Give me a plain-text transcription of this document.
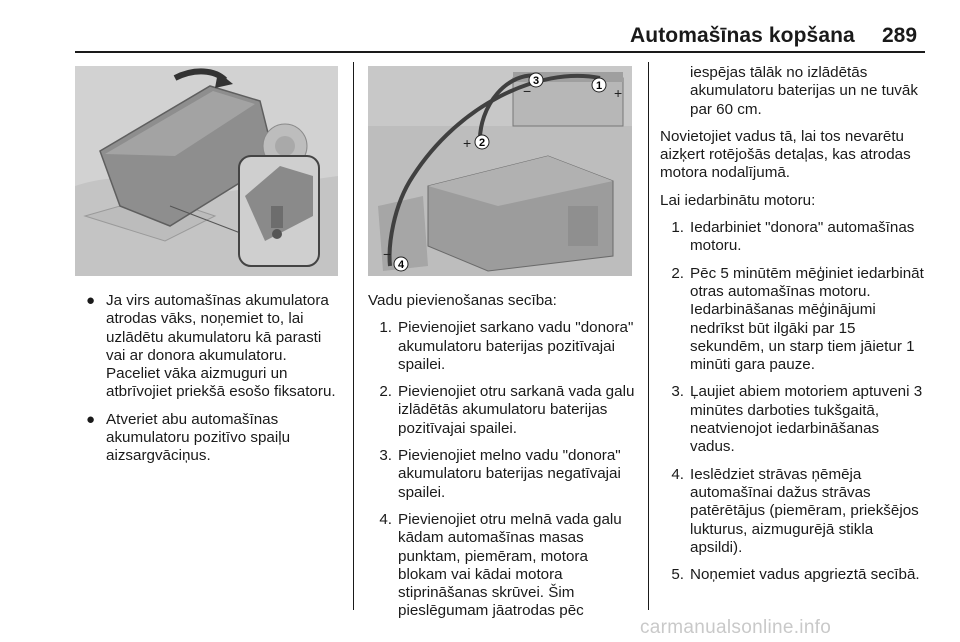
Automašīnas kopšana 289
1
2
3
4
+
−
+
−
● Ja virs automašīnas akumulatora atrodas vāks, noņemiet to, lai uzlādētu akumulatoru kā parasti vai ar donora akumulatoru. Paceliet vāka aizmuguri un atbrīvojiet priekšā esošo fiksatoru.
● Atveriet abu automašīnas akumulatoru pozitīvo spaiļu aizsargvāciņus.

Vadu pievienošanas secība:

1. Pievienojiet sarkano vadu "donora" akumulatoru baterijas pozitīvajai spailei.
2. Pievienojiet otru sarkanā vada galu izlādētās akumulatoru baterijas pozitīvajai spailei.
3. Pievienojiet melno vadu "donora" akumulatoru baterijas negatīvajai spailei.
4. Pievienojiet otru melnā vada galu kādam automašīnas masas punktam, piemēram, motora blokam vai kādai motora stiprināšanas skrūvei. Šim pieslēgumam jāatrodas pēc

iespējas tālāk no izlādētās akumulatoru baterijas un ne tuvāk par 60 cm.

Novietojiet vadus tā, lai tos nevarētu aizķert rotējošās detaļas, kas atrodas motora nodalījumā.

Lai iedarbinātu motoru:

1. Iedarbiniet "donora" automašīnas motoru.
2. Pēc 5 minūtēm mēģiniet iedarbināt otras automašīnas motoru. Iedarbināšanas mēģinājumi nedrīkst būt ilgāki par 15 sekundēm, un starp tiem jāietur 1 minūti gara pauze.
3. Ļaujiet abiem motoriem aptuveni 3 minūtes darboties tukšgaitā, neatvienojot iedarbināšanas vadus.
4. Ieslēdziet strāvas ņēmēja automašīnai dažus strāvas patērētājus (piemēram, priekšējos lukturus, aizmugurējā stikla apsildi).
5. Noņemiet vadus apgrieztā secībā.
carmanualsonline.info
